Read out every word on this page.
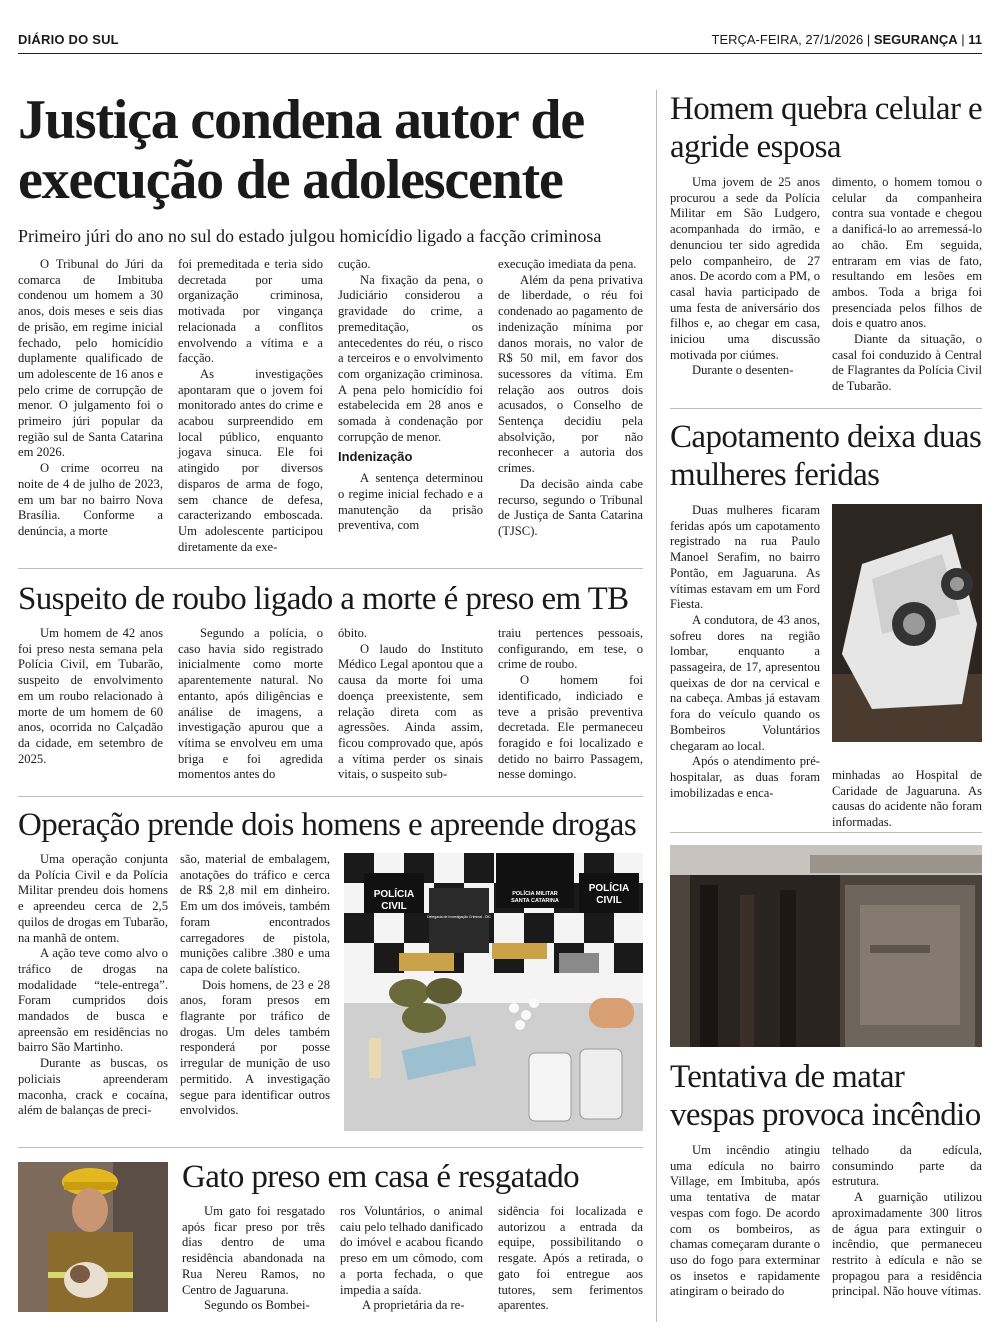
DIÁRIO DO SUL	TERÇA-FEIRA, 27/1/2026 | SEGURANÇA | 11
Justiça condena autor de execução de adolescente
Primeiro júri do ano no sul do estado julgou homicídio ligado a facção criminosa

O Tribunal do Júri da comarca de Imbituba condenou um homem a 30 anos, dois meses e seis dias de prisão, em regime inicial fechado, pelo homicídio duplamente qualificado de um adolescente de 16 anos e pelo crime de corrupção de menor. O julgamento foi o primeiro júri popular da região sul de Santa Catarina em 2026.

O crime ocorreu na noite de 4 de julho de 2023, em um bar no bairro Nova Brasília. Conforme a denúncia, a morte

foi premeditada e teria sido decretada por uma organização criminosa, motivada por vingança relacionada a conflitos envolvendo a vítima e a facção.

As investigações apontaram que o jovem foi monitorado antes do crime e acabou surpreendido em local público, enquanto jogava sinuca. Ele foi atingido por diversos disparos de arma de fogo, sem chance de defesa, caracterizando emboscada. Um adolescente participou diretamente da exe-

cução.

Na fixação da pena, o Judiciário considerou a gravidade do crime, a premeditação, os antecedentes do réu, o risco a terceiros e o envolvimento com organização criminosa. A pena pelo homicídio foi estabelecida em 28 anos e somada à condenação por corrupção de menor.

Indenização

A sentença determinou o regime inicial fechado e a manutenção da prisão preventiva, com

execução imediata da pena.

Além da pena privativa de liberdade, o réu foi condenado ao pagamento de indenização mínima por danos morais, no valor de R$ 50 mil, em favor dos sucessores da vítima. Em relação aos outros dois acusados, o Conselho de Sentença decidiu pela absolvição, por não reconhecer a autoria dos crimes.

Da decisão ainda cabe recurso, segundo o Tribunal de Justiça de Santa Catarina (TJSC).

Suspeito de roubo ligado a morte é preso em TB

Um homem de 42 anos foi preso nesta semana pela Polícia Civil, em Tubarão, suspeito de envolvimento em um roubo relacionado à morte de um homem de 60 anos, ocorrida no Calçadão da cidade, em setembro de 2025.

Segundo a polícia, o caso havia sido registrado inicialmente como morte aparentemente natural. No entanto, após diligências e análise de imagens, a investigação apurou que a vítima se envolveu em uma briga e foi agredida momentos antes do

óbito.

O laudo do Instituto Médico Legal apontou que a causa da morte foi uma doença preexistente, sem relação direta com as agressões. Ainda assim, ficou comprovado que, após a vítima perder os sinais vitais, o suspeito sub-

traiu pertences pessoais, configurando, em tese, o crime de roubo.

O homem foi identificado, indiciado e teve a prisão preventiva decretada. Ele permaneceu foragido e foi localizado e detido no bairro Passagem, nesse domingo.

Operação prende dois homens e apreende drogas

Uma operação conjunta da Polícia Civil e da Polícia Militar prendeu dois homens e apreendeu cerca de 2,5 quilos de drogas em Tubarão, na manhã de ontem.

A ação teve como alvo o tráfico de drogas na modalidade “tele-entrega”. Foram cumpridos dois mandados de busca e apreensão em residências no bairro São Martinho.

Durante as buscas, os policiais apreenderam maconha, crack e cocaína, além de balanças de preci-

são, material de embalagem, anotações do tráfico e cerca de R$ 2,8 mil em dinheiro. Em um dos imóveis, também foram encontrados carregadores de pistola, munições calibre .380 e uma capa de colete balístico.

Dois homens, de 23 e 28 anos, foram presos em flagrante por tráfico de drogas. Um deles também responderá por posse irregular de munição de uso permitido. A investigação segue para identificar outros envolvidos.

POLÍCIA
CIVIL
POLÍCIA MILITAR
SANTA CATARINA
Delegacia de Investigação Criminal - DIC
POLÍCIA
CIVIL
Gato preso em casa é resgatado

Um gato foi resgatado após ficar preso por três dias dentro de uma residência abandonada na Rua Nereu Ramos, no Centro de Jaguaruna.

Segundo os Bombei-

ros Voluntários, o animal caiu pelo telhado danificado do imóvel e acabou ficando preso em um cômodo, com a porta fechada, o que impedia a saída.

A proprietária da re-

sidência foi localizada e autorizou a entrada da equipe, possibilitando o resgate. Após a retirada, o gato foi entregue aos tutores, sem ferimentos aparentes.

Homem quebra celular e agride esposa

Uma jovem de 25 anos procurou a sede da Polícia Militar em São Ludgero, acompanhada do irmão, e denunciou ter sido agredida pelo companheiro, de 27 anos. De acordo com a PM, o casal havia participado de uma festa de aniversário dos filhos e, ao chegar em casa, iniciou uma discussão motivada por ciúmes.

Durante o desenten-

dimento, o homem tomou o celular da companheira contra sua vontade e chegou a danificá-lo ao arremessá-lo ao chão. Em seguida, entraram em vias de fato, resultando em lesões em ambos. Toda a briga foi presenciada pelos filhos de dois e quatro anos.

Diante da situação, o casal foi conduzido à Central de Flagrantes da Polícia Civil de Tubarão.

Capotamento deixa duas mulheres feridas

Duas mulheres ficaram feridas após um capotamento registrado na rua Paulo Manoel Serafim, no bairro Pontão, em Jaguaruna. As vítimas estavam em um Ford Fiesta.

A condutora, de 43 anos, sofreu dores na região lombar, enquanto a passageira, de 17, apresentou queixas de dor na cervical e na cabeça. Ambas já estavam fora do veículo quando os Bombeiros Voluntários chegaram ao local.

Após o atendimento pré-hospitalar, as duas foram imobilizadas e enca-

minhadas ao Hospital de Caridade de Jaguaruna. As causas do acidente não foram informadas.

Tentativa de matar vespas provoca incêndio

Um incêndio atingiu uma edícula no bairro Village, em Imbituba, após uma tentativa de matar vespas com fogo. De acordo com os bombeiros, as chamas começaram durante o uso do fogo para exterminar os insetos e rapidamente atingiram o beirado do

telhado da edícula, consumindo parte da estrutura.

A guarnição utilizou aproximadamente 300 litros de água para extinguir o incêndio, que permaneceu restrito à edícula e não se propagou para a residência principal. Não houve vítimas.
